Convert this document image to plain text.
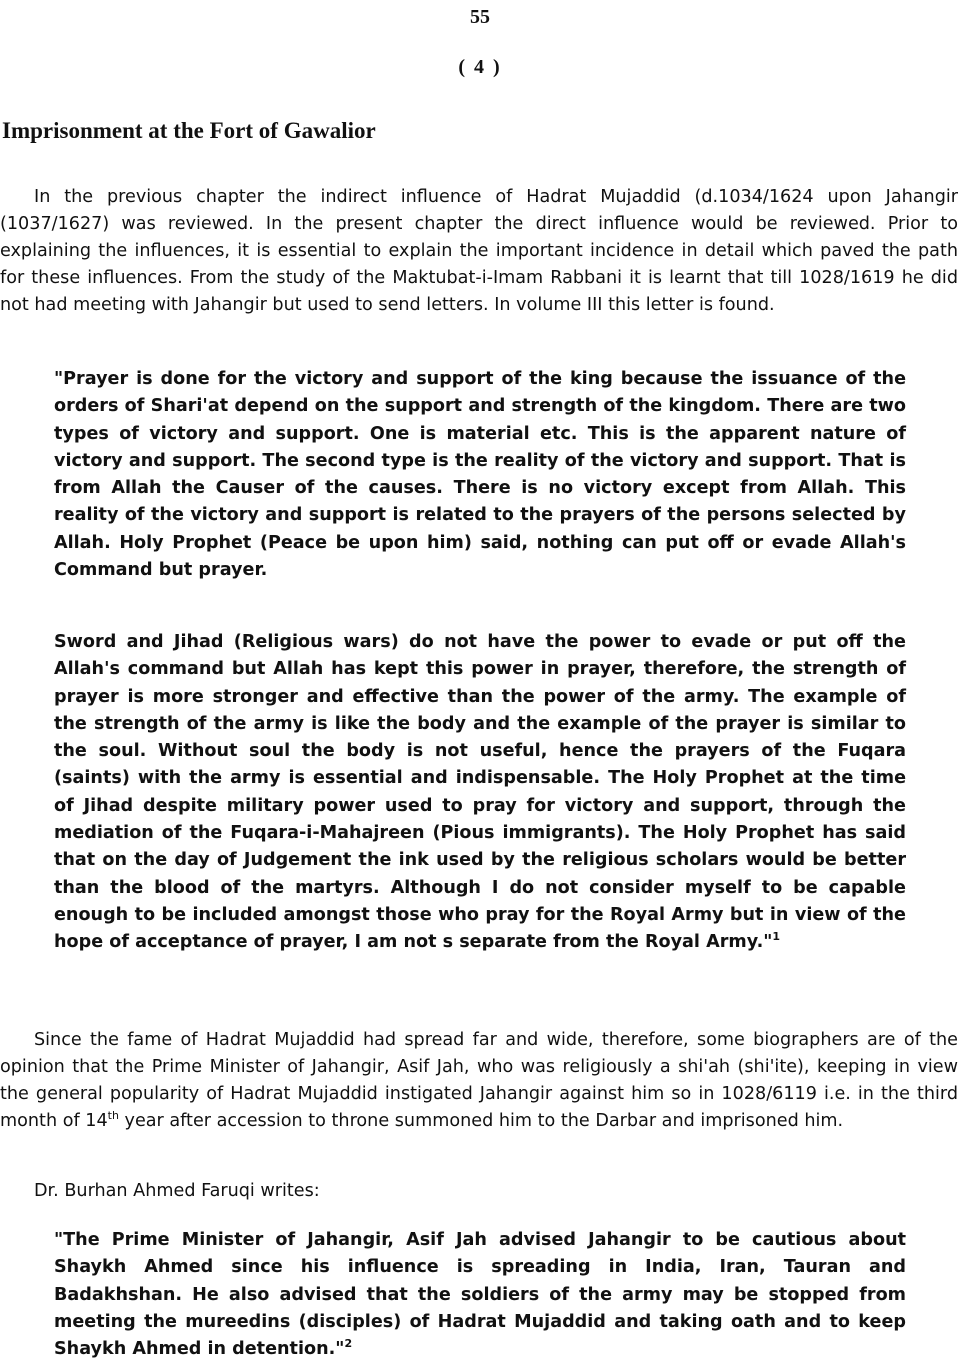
55
( 4 )
Imprisonment at the Fort of Gawalior

In the previous chapter the indirect influence of Hadrat Mujaddid (d.1034/1624 upon Jahangir (1037/1627) was reviewed. In the present chapter the direct influence would be reviewed. Prior to explaining the influences, it is essential to explain the important incidence in detail which paved the path for these influences. From the study of the Maktubat-i-Imam Rabbani it is learnt that till 1028/1619 he did not had meeting with Jahangir but used to send letters. In volume III this letter is found.

"Prayer is done for the victory and support of the king because the issuance of the orders of Shari'at depend on the support and strength of the kingdom. There are two types of victory and support. One is material etc. This is the apparent nature of victory and support. The second type is the reality of the victory and support. That is from Allah the Causer of the causes. There is no victory except from Allah. This reality of the victory and support is related to the prayers of the persons selected by Allah. Holy Prophet (Peace be upon him) said, nothing can put off or evade Allah's Command but prayer.

Sword and Jihad (Religious wars) do not have the power to evade or put off the Allah's command but Allah has kept this power in prayer, therefore, the strength of prayer is more stronger and effective than the power of the army. The example of the strength of the army is like the body and the example of the prayer is similar to the soul. Without soul the body is not useful, hence the prayers of the Fuqara (saints) with the army is essential and indispensable. The Holy Prophet at the time of Jihad despite military power used to pray for victory and support, through the mediation of the Fuqara-i-Mahajreen (Pious immigrants). The Holy Prophet has said that on the day of Judgement the ink used by the religious scholars would be better than the blood of the martyrs. Although I do not consider myself to be capable enough to be included amongst those who pray for the Royal Army but in view of the hope of acceptance of prayer, I am not s separate from the Royal Army."$^1$

Since the fame of Hadrat Mujaddid had spread far and wide, therefore, some biographers are of the opinion that the Prime Minister of Jahangir, Asif Jah, who was religiously a shi'ah (shi'ite), keeping in view the general popularity of Hadrat Mujaddid instigated Jahangir against him so in 1028/6119 i.e. in the third month of 14th year after accession to throne summoned him to the Darbar and imprisoned him.

Dr. Burhan Ahmed Faruqi writes:

"The Prime Minister of Jahangir, Asif Jah advised Jahangir to be cautious about Shaykh Ahmed since his influence is spreading in India, Iran, Tauran and Badakhshan. He also advised that the soldiers of the army may be stopped from meeting the mureedins (disciples) of Hadrat Mujaddid and taking oath and to keep Shaykh Ahmed in detention."$^2$
